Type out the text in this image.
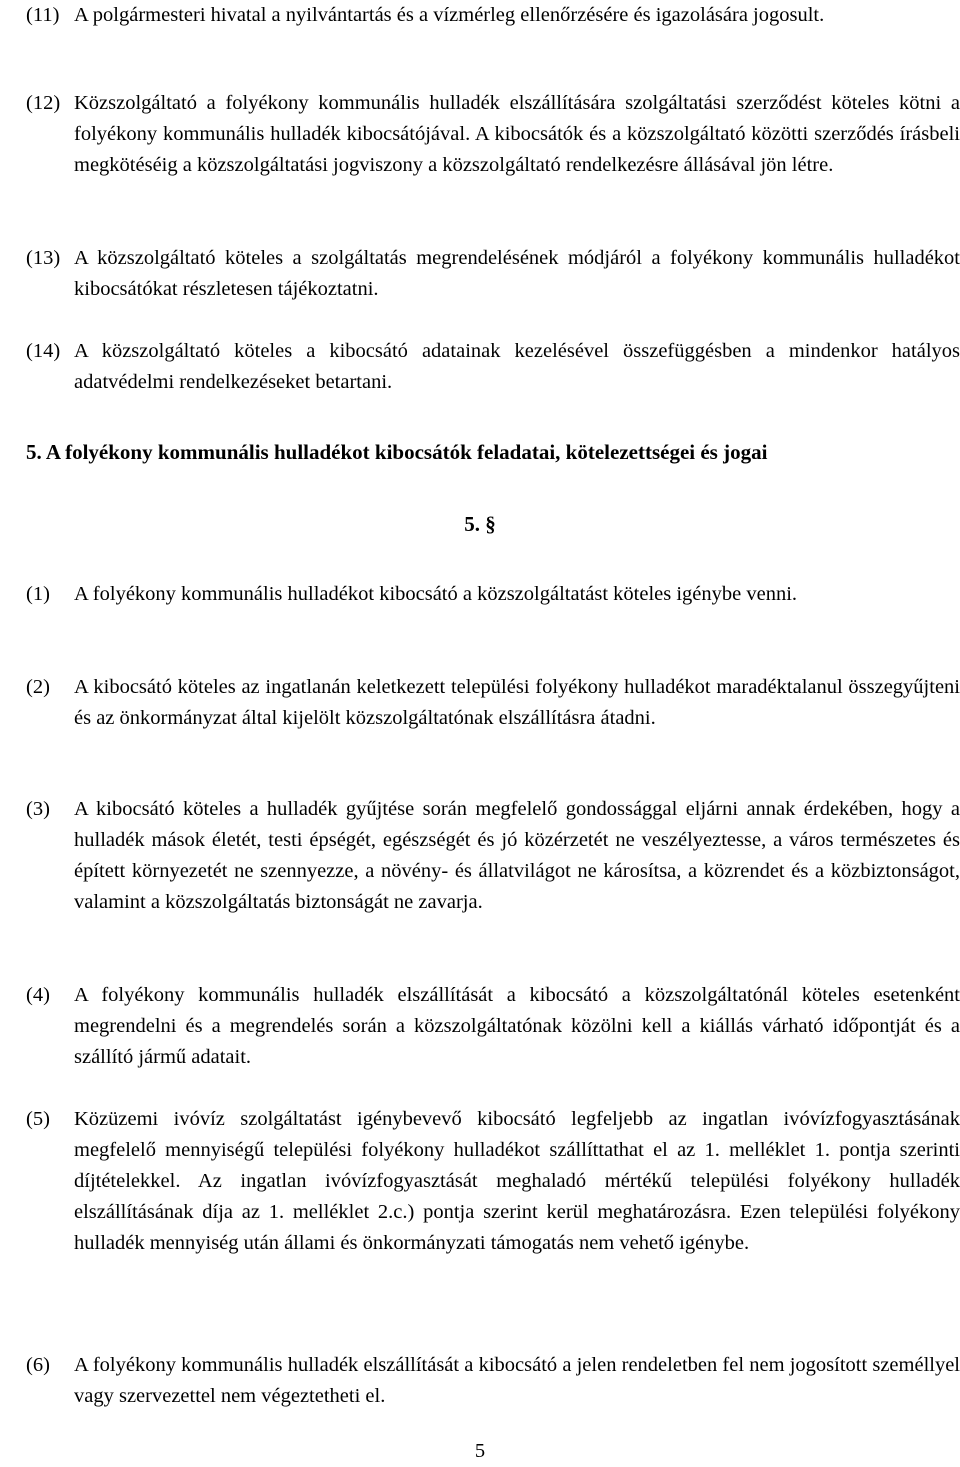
(11) A polgármesteri hivatal a nyilvántartás és a vízmérleg ellenőrzésére és igazolására jogosult.
(12) Közszolgáltató a folyékony kommunális hulladék elszállítására szolgáltatási szerződést köteles kötni a folyékony kommunális hulladék kibocsátójával. A kibocsátók és a közszolgáltató közötti szerződés írásbeli megkötéséig a közszolgáltatási jogviszony a közszolgáltató rendelkezésre állásával jön létre.
(13) A közszolgáltató köteles a szolgáltatás megrendelésének módjáról a folyékony kommunális hulladékot kibocsátókat részletesen tájékoztatni.
(14) A közszolgáltató köteles a kibocsátó adatainak kezelésével összefüggésben a mindenkor hatályos adatvédelmi rendelkezéseket betartani.
5. A folyékony kommunális hulladékot kibocsátók feladatai, kötelezettségei és jogai
5. §
(1) A folyékony kommunális hulladékot kibocsátó a közszolgáltatást köteles igénybe venni.
(2) A kibocsátó köteles az ingatlanán keletkezett települési folyékony hulladékot maradéktalanul összegyűjteni és az önkormányzat által kijelölt közszolgáltatónak elszállításra átadni.
(3) A kibocsátó köteles a hulladék gyűjtése során megfelelő gondossággal eljárni annak érdekében, hogy a hulladék mások életét, testi épségét, egészségét és jó közérzetét ne veszélyeztesse, a város természetes és épített környezetét ne szennyezze, a növény- és állatvilágot ne károsítsa, a közrendet és a közbiztonságot, valamint a közszolgáltatás biztonságát ne zavarja.
(4) A folyékony kommunális hulladék elszállítását a kibocsátó a közszolgáltatónál köteles esetenként megrendelni és a megrendelés során a közszolgáltatónak közölni kell a kiállás várható időpontját és a szállító jármű adatait.
(5) Közüzemi ivóvíz szolgáltatást igénybevevő kibocsátó legfeljebb az ingatlan ivóvízfogyasztásának megfelelő mennyiségű települési folyékony hulladékot szállíttathat el az 1. melléklet 1. pontja szerinti díjtételekkel. Az ingatlan ivóvízfogyasztását meghaladó mértékű települési folyékony hulladék elszállításának díja az 1. melléklet 2.c.) pontja szerint kerül meghatározásra. Ezen települési folyékony hulladék mennyiség után állami és önkormányzati támogatás nem vehető igénybe.
(6) A folyékony kommunális hulladék elszállítását a kibocsátó a jelen rendeletben fel nem jogosított személlyel vagy szervezettel nem végeztetheti el.
5
